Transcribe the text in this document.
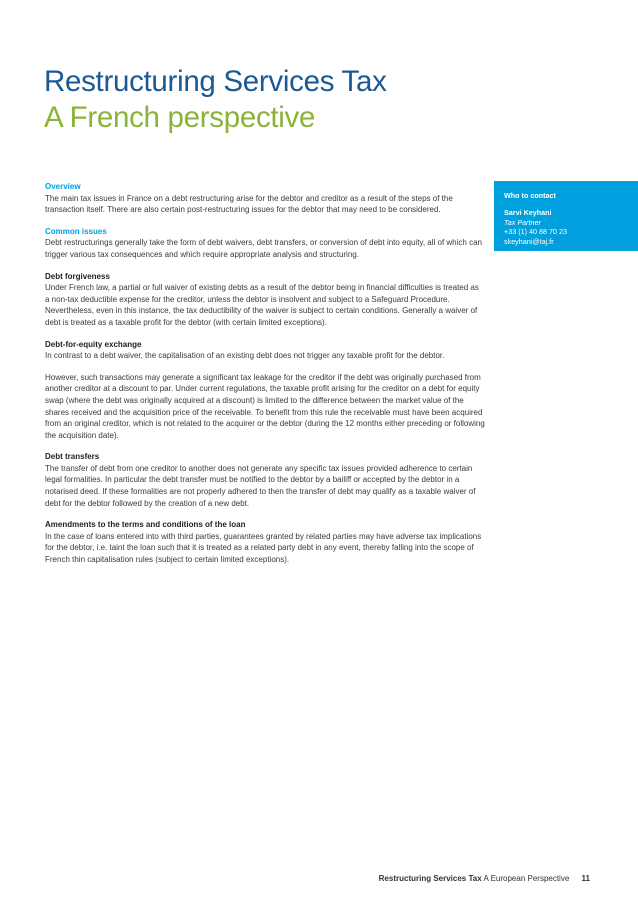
Restructuring Services Tax
A French perspective
Overview
The main tax issues in France on a debt restructuring arise for the debtor and creditor as a result of the steps of the transaction itself. There are also certain post-restructuring issues for the debtor that may need to be considered.
Common issues
Debt restructurings generally take the form of debt waivers, debt transfers, or conversion of debt into equity, all of which can trigger various tax consequences and which require appropriate analysis and structuring.
Debt forgiveness
Under French law, a partial or full waiver of existing debts as a result of the debtor being in financial difficulties is treated as a non-tax deductible expense for the creditor, unless the debtor is insolvent and subject to a Safeguard Procedure. Nevertheless, even in this instance, the tax deductibility of the waiver is subject to certain conditions. Generally a waiver of debt is treated as a taxable profit for the debtor (with certain limited exceptions).
Debt-for-equity exchange
In contrast to a debt waiver, the capitalisation of an existing debt does not trigger any taxable profit for the debtor.
However, such transactions may generate a significant tax leakage for the creditor if the debt was originally purchased from another creditor at a discount to par. Under current regulations, the taxable profit arising for the creditor on a debt for equity swap (where the debt was originally acquired at a discount) is limited to the difference between the market value of the shares received and the acquisition price of the receivable. To benefit from this rule the receivable must have been acquired from an original creditor, which is not related to the acquirer or the debtor (during the 12 months either preceding or following the acquisition date).
Debt transfers
The transfer of debt from one creditor to another does not generate any specific tax issues provided adherence to certain legal formalities. In particular the debt transfer must be notified to the debtor by a bailiff or accepted by the debtor in a notarised deed. If these formalities are not properly adhered to then the transfer of debt may qualify as a taxable waiver of debt for the debtor followed by the creation of a new debt.
Amendments to the terms and conditions of the loan
In the case of loans entered into with third parties, guarantees granted by related parties may have adverse tax implications for the debtor, i.e. taint the loan such that it is treated as a related party debt in any event, thereby falling into the scope of French thin capitalisation rules (subject to certain limited exceptions).
Who to contact
Sarvi Keyhani
Tax Partner
+33 (1) 40 88 70 23
skeyhani@taj.fr
Restructuring Services Tax A European Perspective 11
